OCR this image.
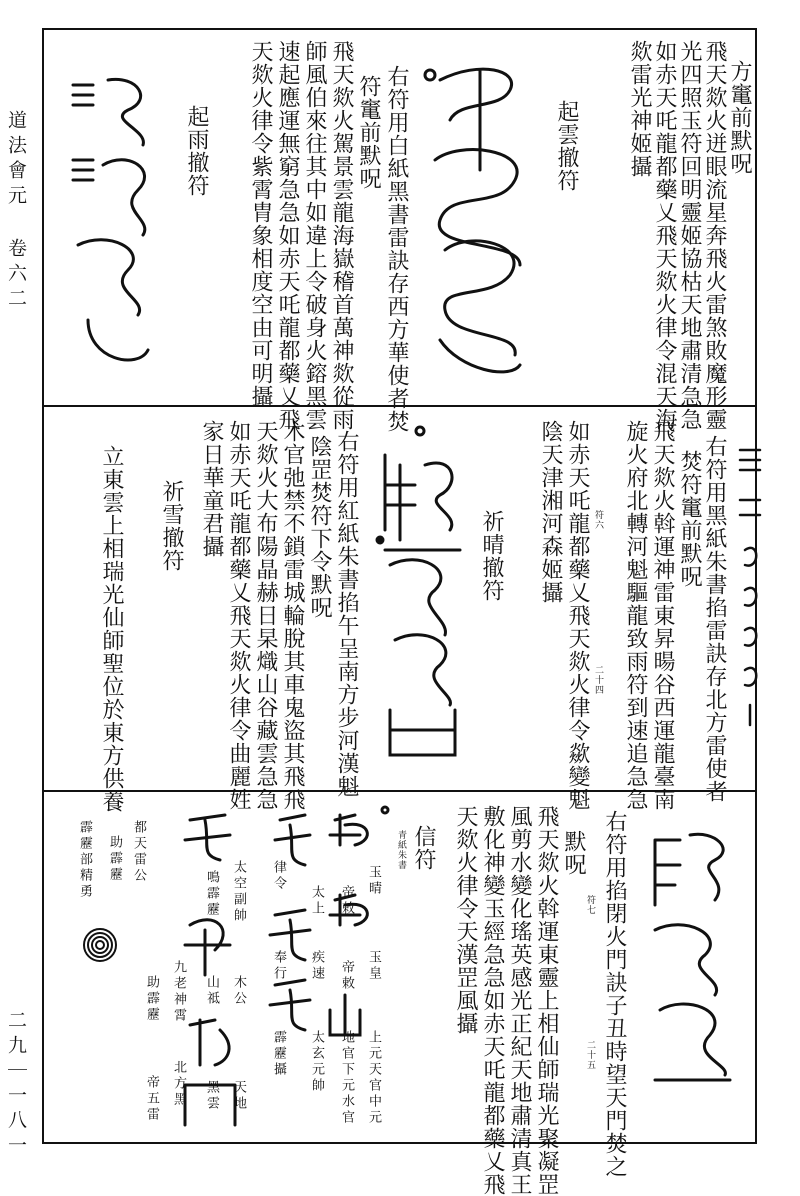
道法會元 卷六二
二九｜一八一
方竃前默呪
飛天欻火迸眼流星奔飛火雷煞敗魔形靈
光四照玉符回明靈姬協枯天地肅清急急
如赤天吒龍都藥乂飛天欻火律令混天海
欻雷光神姬攝
起雲撤符
右符用白紙黑書雷訣存西方華使者焚
符竃前默呪
飛天欻火駕景雲龍海嶽稽首萬神欻從雨
師風伯來往其中如違上令破身火鎔黑雲
速起應運無窮急急如赤天吒龍都藥乂飛
天欻火律令紫霄胄象相度空由可明攝
起雨撤符
右符用黑紙朱書掐雷訣存北方雷使者
焚符竃前默呪
飛天欻火斡運神雷東昇暘谷西運龍臺南
旋火府北轉河魁驅龍致雨符到速追急急
符六
二十四
如赤天吒龍都藥乂飛天欻火律令歘變魁
陰天津湘河森姬攝
祈晴撤符
右符用紅紙朱書掐午呈南方步河漢魁
陰罡焚符下令默呪
木官弛禁不鎖雷城輪脫其車鬼盜其飛飛
天欻火大布陽晶赫日杲熾山谷藏雲急急
如赤天吒龍都藥乂飛天欻火律令曲麗姓
家日華童君攝
祈雪撤符
立東雲上相瑞光仙師聖位於東方供養
右符用掐閉火門訣子丑時望天門焚之
符七
二十五
默呪
飛天欻火斡運東靈上相仙師瑞光聚凝罡
風剪水變化瑤英感光正紀天地肅清真王
敷化神變玉經急急如赤天吒龍都藥乂飛
天欻火律令天漢罡風攝
信符
青紙朱書
玉晴
帝敕
太上
律令
玉皇
帝敕
疾速
奉行
上元天官中元
地官下元水官
太玄元帥
霹靂攝
太空副帥
鳴霹靂
九老神霄
助霹靂	木公
山祗
天地
黑雲
北方黑
帝五雷
都天雷公
助霹靂
霹靂部精勇
